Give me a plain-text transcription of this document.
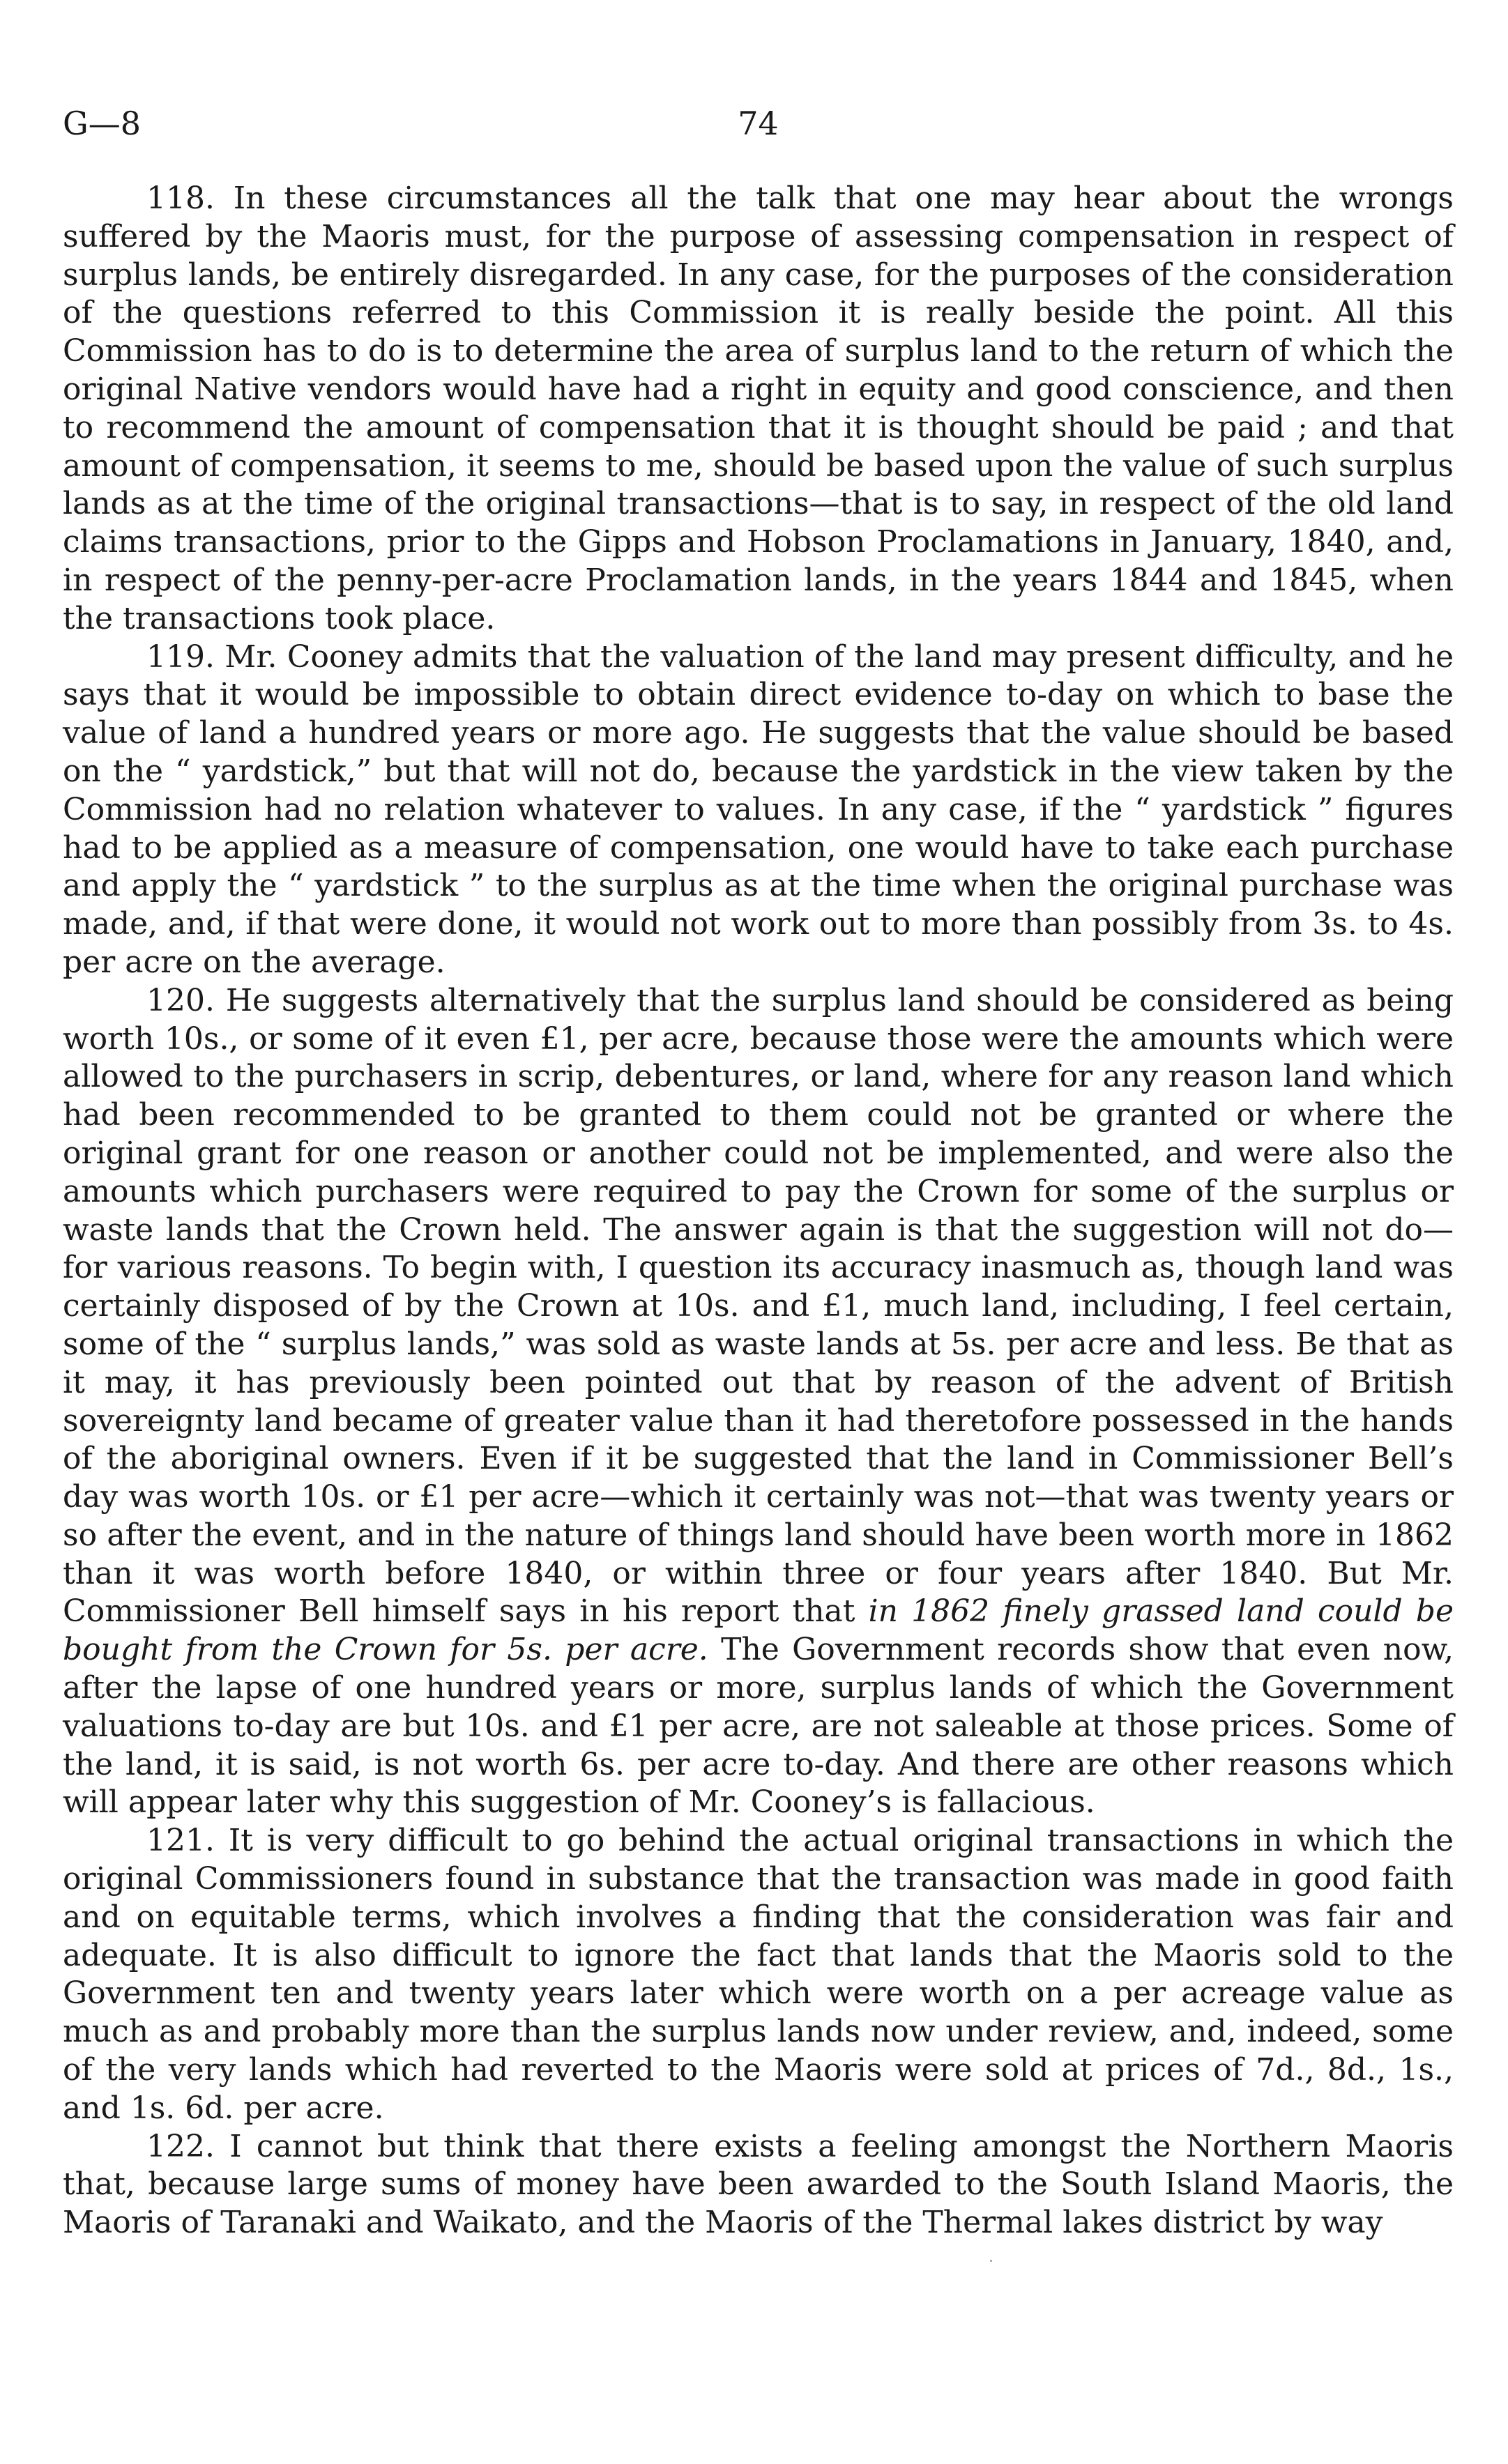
G—8	74

118. In these circumstances all the talk that one may hear about the wrongs suffered by the Maoris must, for the purpose of assessing compensation in respect of surplus lands, be entirely disregarded. In any case, for the purposes of the consideration of the questions referred to this Commission it is really beside the point. All this Commission has to do is to determine the area of surplus land to the return of which the original Native vendors would have had a right in equity and good conscience, and then to recommend the amount of compensation that it is thought should be paid ; and that amount of compensation, it seems to me, should be based upon the value of such surplus lands as at the time of the original transactions—that is to say, in respect of the old land claims transactions, prior to the Gipps and Hobson Proclamations in January, 1840, and, in respect of the penny-per-acre Proclamation lands, in the years 1844 and 1845, when the transactions took place.

119. Mr. Cooney admits that the valuation of the land may present difficulty, and he says that it would be impossible to obtain direct evidence to-day on which to base the value of land a hundred years or more ago. He suggests that the value should be based on the “ yardstick,” but that will not do, because the yardstick in the view taken by the Commission had no relation whatever to values. In any case, if the “ yardstick ” figures had to be applied as a measure of compensation, one would have to take each purchase and apply the “ yardstick ” to the surplus as at the time when the original purchase was made, and, if that were done, it would not work out to more than possibly from 3s. to 4s. per acre on the average.

120. He suggests alternatively that the surplus land should be considered as being worth 10s., or some of it even £1, per acre, because those were the amounts which were allowed to the purchasers in scrip, debentures, or land, where for any reason land which had been recommended to be granted to them could not be granted or where the original grant for one reason or another could not be implemented, and were also the amounts which purchasers were required to pay the Crown for some of the surplus or waste lands that the Crown held. The answer again is that the suggestion will not do—for various reasons. To begin with, I question its accuracy inasmuch as, though land was certainly disposed of by the Crown at 10s. and £1, much land, including, I feel certain, some of the “ surplus lands,” was sold as waste lands at 5s. per acre and less. Be that as it may, it has previously been pointed out that by reason of the advent of British sovereignty land became of greater value than it had theretofore possessed in the hands of the aboriginal owners. Even if it be suggested that the land in Commissioner Bell’s day was worth 10s. or £1 per acre—which it certainly was not—that was twenty years or so after the event, and in the nature of things land should have been worth more in 1862 than it was worth before 1840, or within three or four years after 1840. But Mr. Commissioner Bell himself says in his report that in 1862 finely grassed land could be bought from the Crown for 5s. per acre. The Government records show that even now, after the lapse of one hundred years or more, surplus lands of which the Government valuations to-day are but 10s. and £1 per acre, are not saleable at those prices. Some of the land, it is said, is not worth 6s. per acre to-day. And there are other reasons which will appear later why this suggestion of Mr. Cooney’s is fallacious.

121. It is very difficult to go behind the actual original transactions in which the original Commissioners found in substance that the transaction was made in good faith and on equitable terms, which involves a finding that the consideration was fair and adequate. It is also difficult to ignore the fact that lands that the Maoris sold to the Government ten and twenty years later which were worth on a per acreage value as much as and probably more than the surplus lands now under review, and, indeed, some of the very lands which had reverted to the Maoris were sold at prices of 7d., 8d., 1s., and 1s. 6d. per acre.

122. I cannot but think that there exists a feeling amongst the Northern Maoris that, because large sums of money have been awarded to the South Island Maoris, the Maoris of Taranaki and Waikato, and the Maoris of the Thermal lakes district by way
